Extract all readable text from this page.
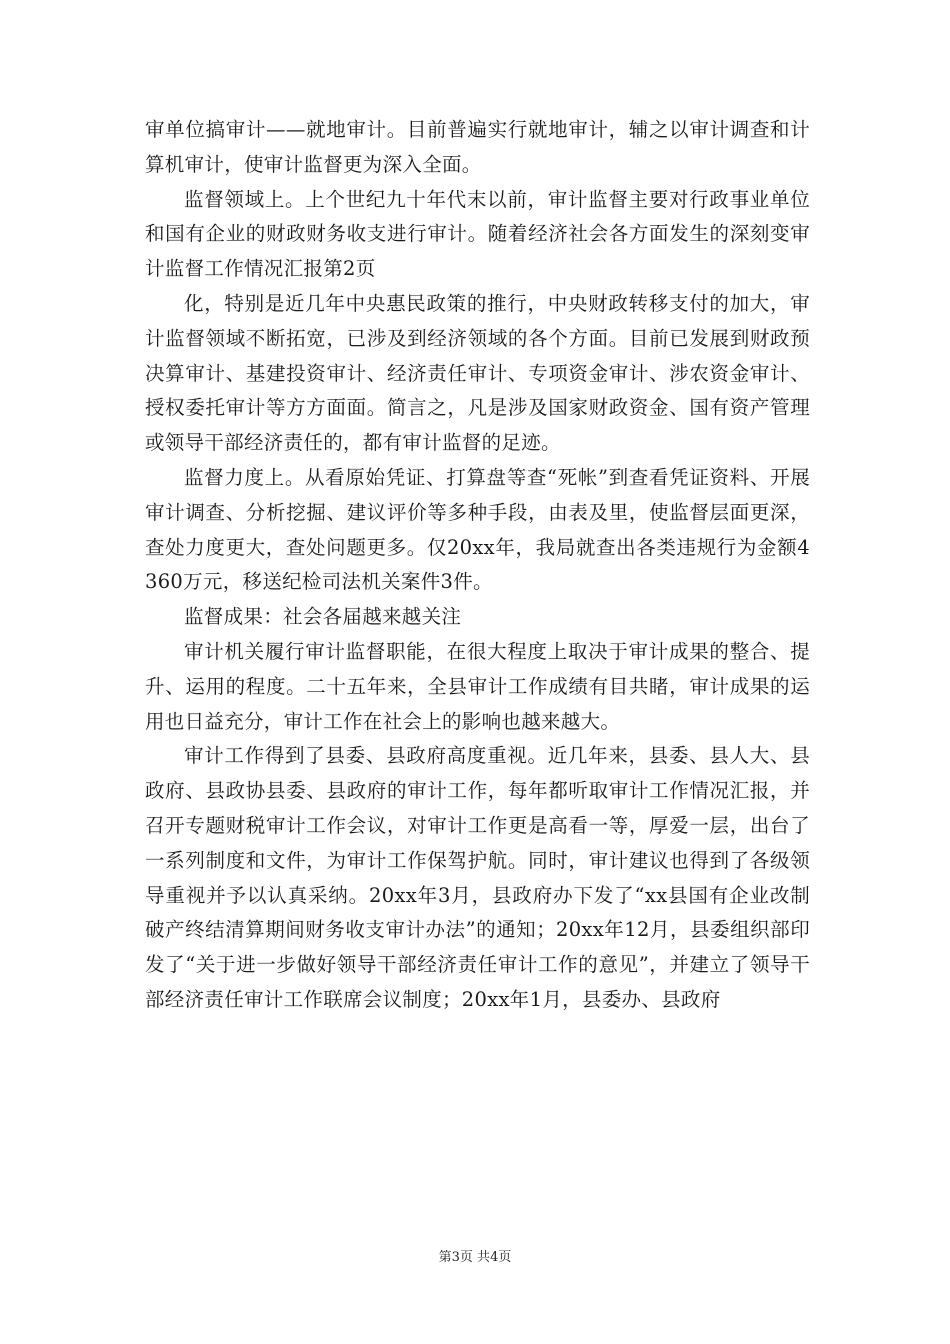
审单位搞审计——就地审计。目前普遍实行就地审计，辅之以审计调查和计算机审计，使审计监督更为深入全面。

监督领域上。上个世纪九十年代末以前，审计监督主要对行政事业单位和国有企业的财政财务收支进行审计。随着经济社会各方面发生的深刻变审计监督工作情况汇报第2页

化，特别是近几年中央惠民政策的推行，中央财政转移支付的加大，审计监督领域不断拓宽，已涉及到经济领域的各个方面。目前已发展到财政预决算审计、基建投资审计、经济责任审计、专项资金审计、涉农资金审计、授权委托审计等方方面面。简言之，凡是涉及国家财政资金、国有资产管理或领导干部经济责任的，都有审计监督的足迹。

监督力度上。从看原始凭证、打算盘等查“死帐”到查看凭证资料、开展审计调查、分析挖掘、建议评价等多种手段，由表及里，使监督层面更深，查处力度更大，查处问题更多。仅20xx年，我局就查出各类违规行为金额4360万元，移送纪检司法机关案件3件。

监督成果：社会各届越来越关注

审计机关履行审计监督职能，在很大程度上取决于审计成果的整合、提升、运用的程度。二十五年来，全县审计工作成绩有目共睹，审计成果的运用也日益充分，审计工作在社会上的影响也越来越大。

审计工作得到了县委、县政府高度重视。近几年来，县委、县人大、县政府、县政协县委、县政府的审计工作，每年都听取审计工作情况汇报，并召开专题财税审计工作会议，对审计工作更是高看一等，厚爱一层，出台了一系列制度和文件，为审计工作保驾护航。同时，审计建议也得到了各级领导重视并予以认真采纳。20xx年3月，县政府办下发了“xx县国有企业改制破产终结清算期间财务收支审计办法”的通知；20xx年12月，县委组织部印发了“关于进一步做好领导干部经济责任审计工作的意见”，并建立了领导干部经济责任审计工作联席会议制度；20xx年1月，县委办、县政府

第3页 共4页
